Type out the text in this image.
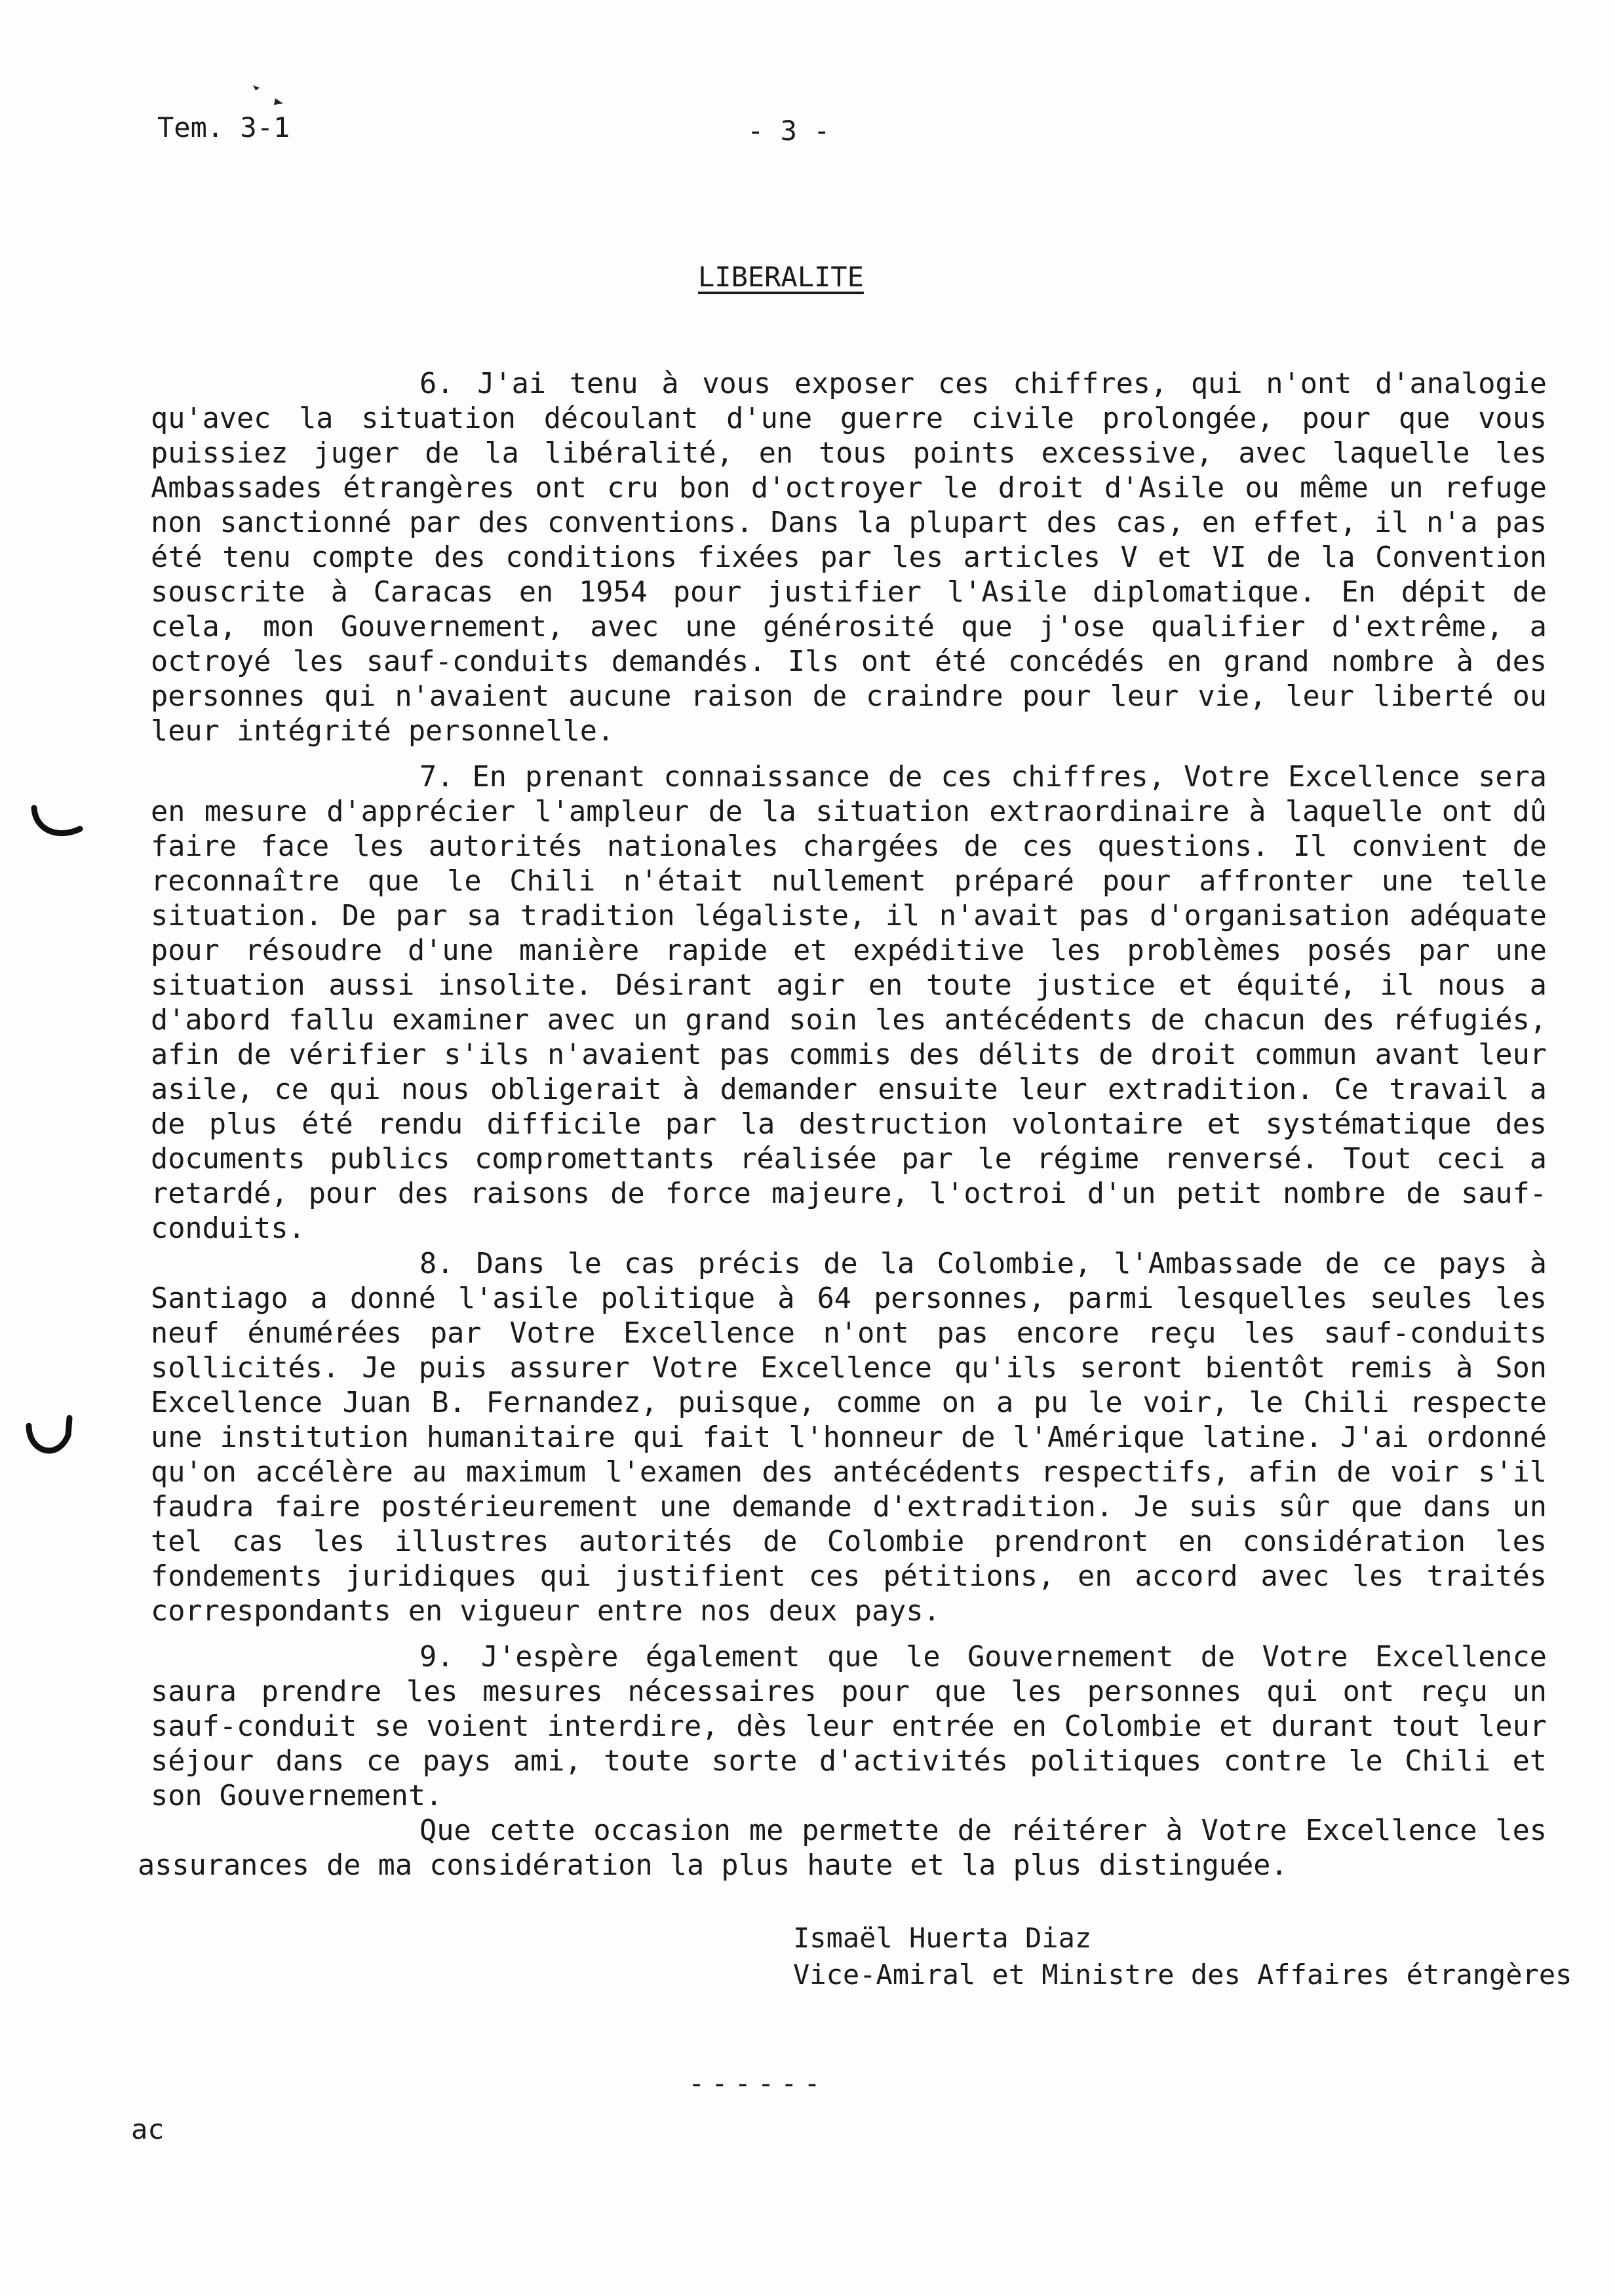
Tem. 3-1	- 3 -
LIBERALITE

6. J'ai tenu à vous exposer ces chiffres, qui n'ont d'analogie qu'avec la situation découlant d'une guerre civile prolongée, pour que vous puissiez juger de la libéralité, en tous points excessive, avec laquelle les Ambassades étrangères ont cru bon d'octroyer le droit d'Asile ou même un refuge non sanctionné par des conventions. Dans la plupart des cas, en effet, il n'a pas été tenu compte des conditions fixées par les articles V et VI de la Convention souscrite à Caracas en 1954 pour justifier l'Asile diplomatique. En dépit de cela, mon Gouvernement, avec une générosité que j'ose qualifier d'extrême, a octroyé les sauf-conduits demandés. Ils ont été concédés en grand nombre à des personnes qui n'avaient aucune raison de craindre pour leur vie, leur liberté ou leur intégrité personnelle.

7. En prenant connaissance de ces chiffres, Votre Excellence sera en mesure d'apprécier l'ampleur de la situation extraordinaire à laquelle ont dû faire face les autorités nationales chargées de ces questions. Il convient de reconnaître que le Chili n'était nullement préparé pour affronter une telle situation. De par sa tradition légaliste, il n'avait pas d'organisation adéquate pour résoudre d'une manière rapide et expéditive les problèmes posés par une situation aussi insolite. Désirant agir en toute justice et équité, il nous a d'abord fallu examiner avec un grand soin les antécédents de chacun des réfugiés, afin de vérifier s'ils n'avaient pas commis des délits de droit commun avant leur asile, ce qui nous obligerait à demander ensuite leur extradition. Ce travail a de plus été rendu difficile par la destruction volontaire et systématique des documents publics compromettants réalisée par le régime renversé. Tout ceci a retardé, pour des raisons de force majeure, l'octroi d'un petit nombre de sauf-conduits.

8. Dans le cas précis de la Colombie, l'Ambassade de ce pays à Santiago a donné l'asile politique à 64 personnes, parmi lesquelles seules les neuf énumérées par Votre Excellence n'ont pas encore reçu les sauf-conduits sollicités. Je puis assurer Votre Excellence qu'ils seront bientôt remis à Son Excellence Juan B. Fernandez, puisque, comme on a pu le voir, le Chili respecte une institution humanitaire qui fait l'honneur de l'Amérique latine. J'ai ordonné qu'on accélère au maximum l'examen des antécédents respectifs, afin de voir s'il faudra faire postérieurement une demande d'extradition. Je suis sûr que dans un tel cas les illustres autorités de Colombie prendront en considération les fondements juridiques qui justifient ces pétitions, en accord avec les traités correspondants en vigueur entre nos deux pays.

9. J'espère également que le Gouvernement de Votre Excellence saura prendre les mesures nécessaires pour que les personnes qui ont reçu un sauf-conduit se voient interdire, dès leur entrée en Colombie et durant tout leur séjour dans ce pays ami, toute sorte d'activités politiques contre le Chili et son Gouvernement.

Que cette occasion me permette de réitérer à Votre Excellence les assurances de ma considération la plus haute et la plus distinguée.

Ismaël Huerta Diaz
Vice-Amiral et Ministre des Affaires étrangères
------
ac
